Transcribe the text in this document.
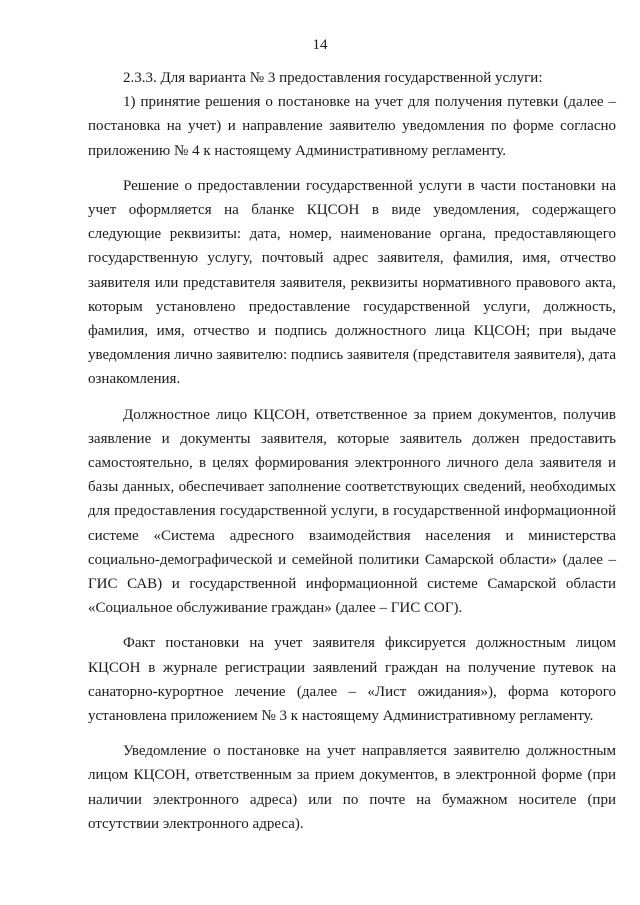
14

2.3.3. Для варианта № 3 предоставления государственной услуги:

1) принятие решения о постановке на учет для получения путевки (далее – постановка на учет) и направление заявителю уведомления по форме согласно приложению № 4 к настоящему Административному регламенту.

Решение о предоставлении государственной услуги в части постановки на учет оформляется на бланке КЦСОН в виде уведомления, содержащего следующие реквизиты: дата, номер, наименование органа, предоставляющего государственную услугу, почтовый адрес заявителя, фамилия, имя, отчество заявителя или представителя заявителя, реквизиты нормативного правового акта, которым установлено предоставление государственной услуги, должность, фамилия, имя, отчество и подпись должностного лица КЦСОН; при выдаче уведомления лично заявителю: подпись заявителя (представителя заявителя), дата ознакомления.

Должностное лицо КЦСОН, ответственное за прием документов, получив заявление и документы заявителя, которые заявитель должен предоставить самостоятельно, в целях формирования электронного личного дела заявителя и базы данных, обеспечивает заполнение соответствующих сведений, необходимых для предоставления государственной услуги, в государственной информационной системе «Система адресного взаимодействия населения и министерства социально-демографической и семейной политики Самарской области» (далее – ГИС САВ) и государственной информационной системе Самарской области «Социальное обслуживание граждан» (далее – ГИС СОГ).

Факт постановки на учет заявителя фиксируется должностным лицом КЦСОН в журнале регистрации заявлений граждан на получение путевок на санаторно-курортное лечение (далее – «Лист ожидания»), форма которого установлена приложением № 3 к настоящему Административному регламенту.

Уведомление о постановке на учет направляется заявителю должностным лицом КЦСОН, ответственным за прием документов, в электронной форме (при наличии электронного адреса) или по почте на бумажном носителе (при отсутствии электронного адреса).
